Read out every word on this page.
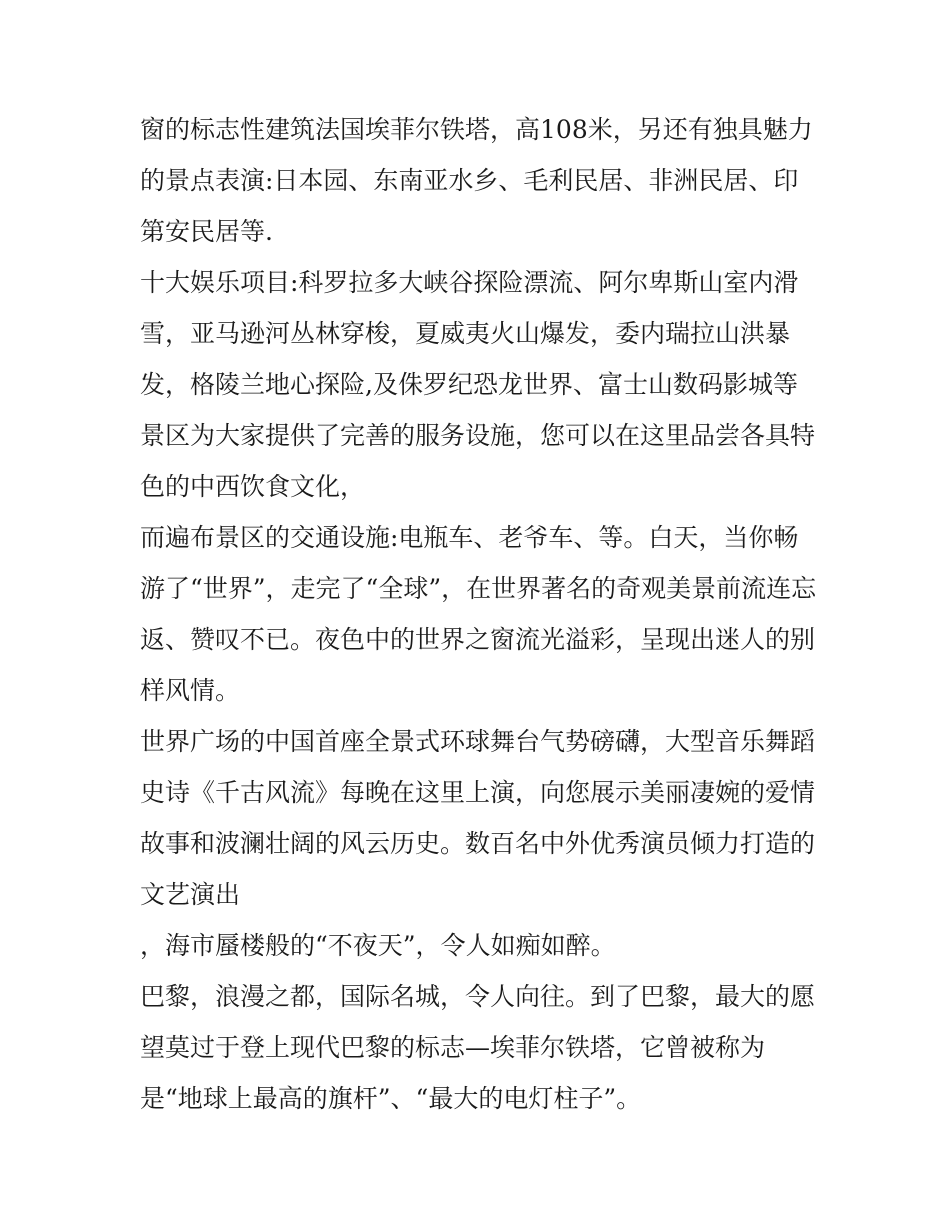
窗的标志性建筑法国埃菲尔铁塔，高108米，另还有独具魅力
的景点表演:日本园、东南亚水乡、毛利民居、非洲民居、印
第安民居等.
十大娱乐项目:科罗拉多大峡谷探险漂流、阿尔卑斯山室内滑
雪，亚马逊河丛林穿梭，夏威夷火山爆发，委内瑞拉山洪暴
发，格陵兰地心探险,及侏罗纪恐龙世界、富士山数码影城等
景区为大家提供了完善的服务设施，您可以在这里品尝各具特
色的中西饮食文化，
而遍布景区的交通设施:电瓶车、老爷车、等。白天，当你畅
游了“世界”，走完了“全球”，在世界著名的奇观美景前流连忘
返、赞叹不已。夜色中的世界之窗流光溢彩，呈现出迷人的别
样风情。
世界广场的中国首座全景式环球舞台气势磅礴，大型音乐舞蹈
史诗《千古风流》每晚在这里上演，向您展示美丽凄婉的爱情
故事和波澜壮阔的风云历史。数百名中外优秀演员倾力打造的
文艺演出
，海市蜃楼般的“不夜天”，令人如痴如醉。
巴黎，浪漫之都，国际名城，令人向往。到了巴黎，最大的愿
望莫过于登上现代巴黎的标志—埃菲尔铁塔，它曾被称为
是“地球上最高的旗杆”、“最大的电灯柱子”。
